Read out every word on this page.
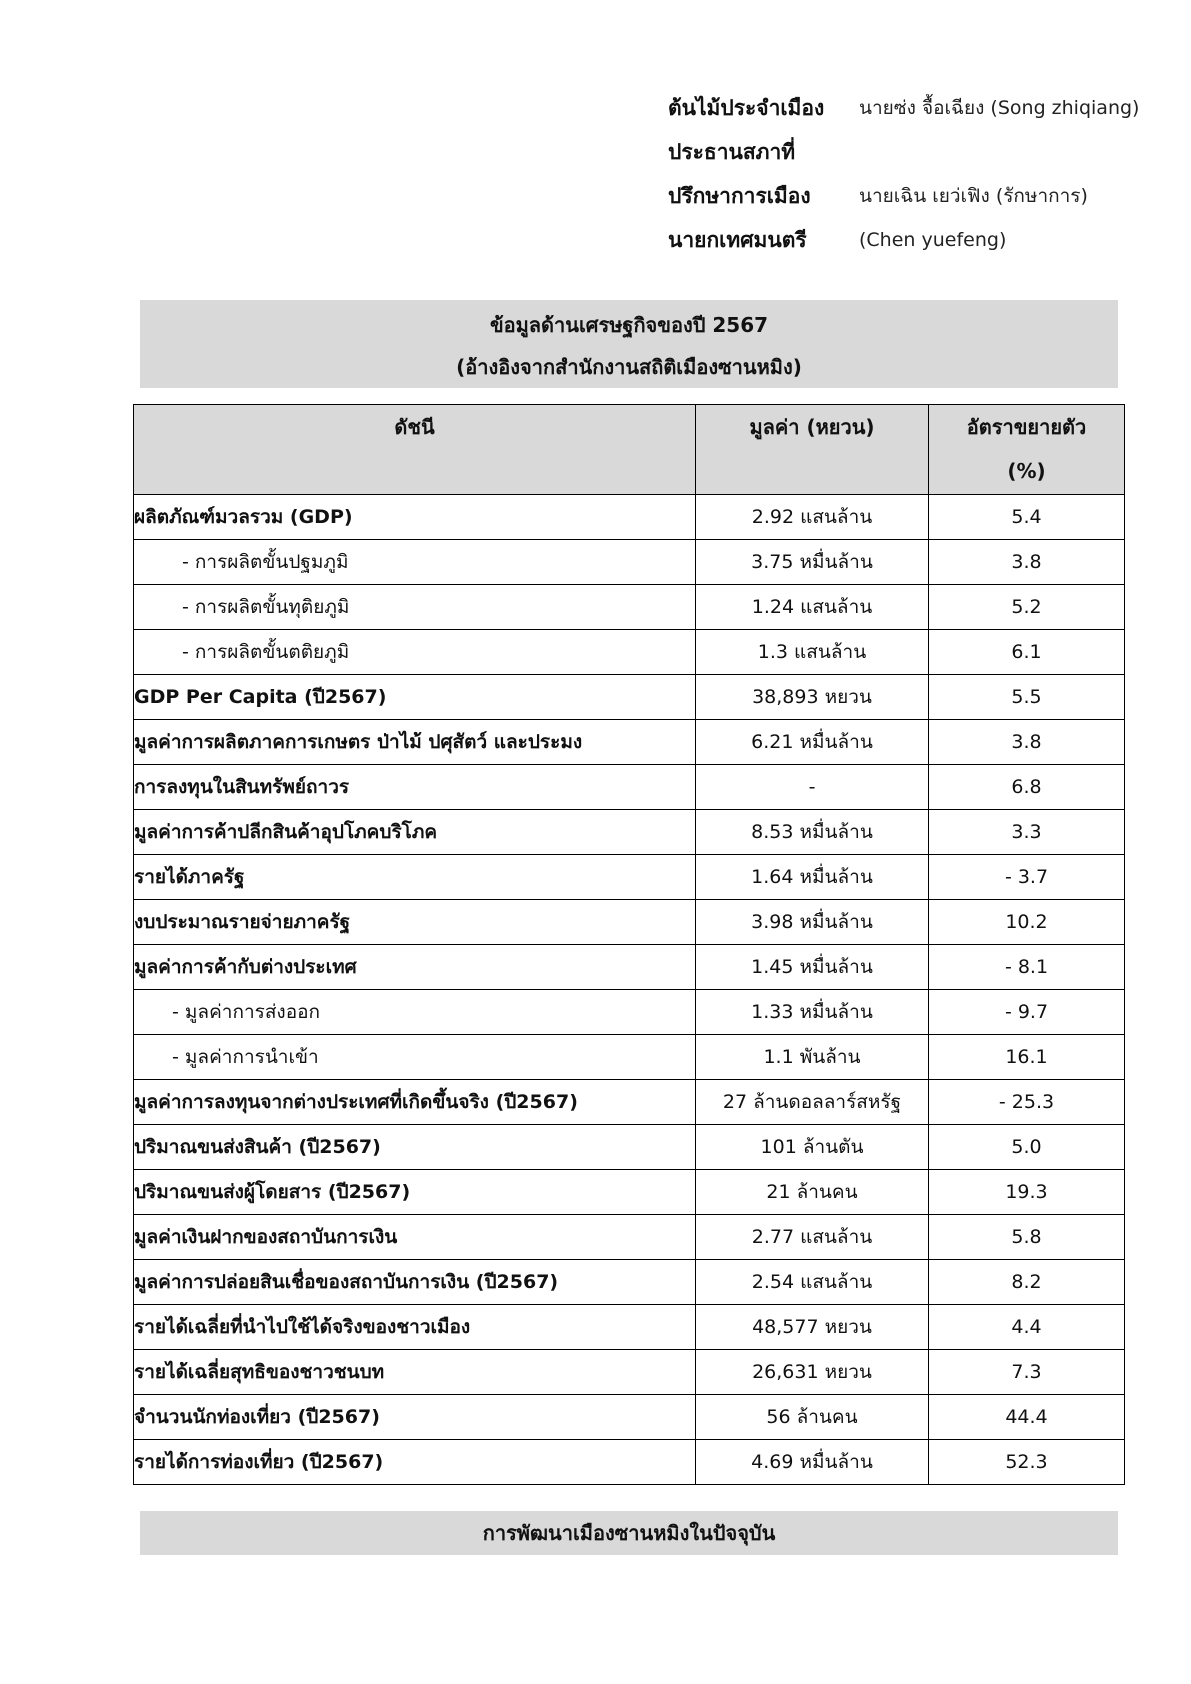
ต้นไม้ประจำเมือง	นายซ่ง จื้อเฉียง (Song zhiqiang)
ประธานสภาที่
ปรึกษาการเมือง	นายเฉิน เยว่เฟิง (รักษาการ)
นายกเทศมนตรี	(Chen yuefeng)
ข้อมูลด้านเศรษฐกิจของปี 2567
(อ้างอิงจากสำนักงานสถิติเมืองซานหมิง)
ดัชนี	มูลค่า (หยวน)	อัตราขยายตัว
(%)

ผลิตภัณฑ์มวลรวม (GDP)	2.92 แสนล้าน	5.4
- การผลิตขั้นปฐมภูมิ	3.75 หมื่นล้าน	3.8
- การผลิตขั้นทุติยภูมิ	1.24 แสนล้าน	5.2
- การผลิตขั้นตติยภูมิ	1.3 แสนล้าน	6.1
GDP Per Capita (ปี2567)	38,893 หยวน	5.5
มูลค่าการผลิตภาคการเกษตร ป่าไม้ ปศุสัตว์ และประมง	6.21 หมื่นล้าน	3.8
การลงทุนในสินทรัพย์ถาวร	-	6.8
มูลค่าการค้าปลีกสินค้าอุปโภคบริโภค	8.53 หมื่นล้าน	3.3
รายได้ภาครัฐ	1.64 หมื่นล้าน	- 3.7
งบประมาณรายจ่ายภาครัฐ	3.98 หมื่นล้าน	10.2
มูลค่าการค้ากับต่างประเทศ	1.45 หมื่นล้าน	- 8.1
- มูลค่าการส่งออก	1.33 หมื่นล้าน	- 9.7
- มูลค่าการนำเข้า	1.1 พันล้าน	16.1
มูลค่าการลงทุนจากต่างประเทศที่เกิดขึ้นจริง (ปี2567)	27 ล้านดอลลาร์สหรัฐ	- 25.3
ปริมาณขนส่งสินค้า (ปี2567)	101 ล้านตัน	5.0
ปริมาณขนส่งผู้โดยสาร (ปี2567)	21 ล้านคน	19.3
มูลค่าเงินฝากของสถาบันการเงิน	2.77 แสนล้าน	5.8
มูลค่าการปล่อยสินเชื่อของสถาบันการเงิน (ปี2567)	2.54 แสนล้าน	8.2
รายได้เฉลี่ยที่นำไปใช้ได้จริงของชาวเมือง	48,577 หยวน	4.4
รายได้เฉลี่ยสุทธิของชาวชนบท	26,631 หยวน	7.3
จำนวนนักท่องเที่ยว (ปี2567)	56 ล้านคน	44.4
รายได้การท่องเที่ยว (ปี2567)	4.69 หมื่นล้าน	52.3
การพัฒนาเมืองซานหมิงในปัจจุบัน
